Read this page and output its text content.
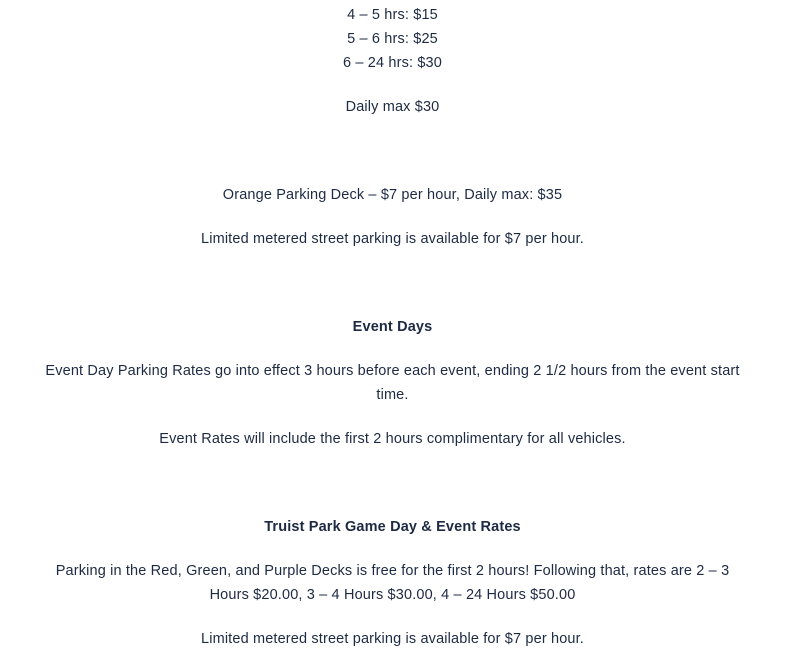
4 – 5 hrs: $15
5 – 6 hrs: $25
6 – 24 hrs: $30
Daily max $30
Orange Parking Deck – $7 per hour, Daily max: $35
Limited metered street parking is available for $7 per hour.
Event Days
Event Day Parking Rates go into effect 3 hours before each event, ending 2 1/2 hours from the event start time.
Event Rates will include the first 2 hours complimentary for all vehicles.
Truist Park Game Day & Event Rates
Parking in the Red, Green, and Purple Decks is free for the first 2 hours! Following that, rates are 2 – 3 Hours $20.00, 3 – 4 Hours $30.00, 4 – 24 Hours $50.00
Limited metered street parking is available for $7 per hour.
